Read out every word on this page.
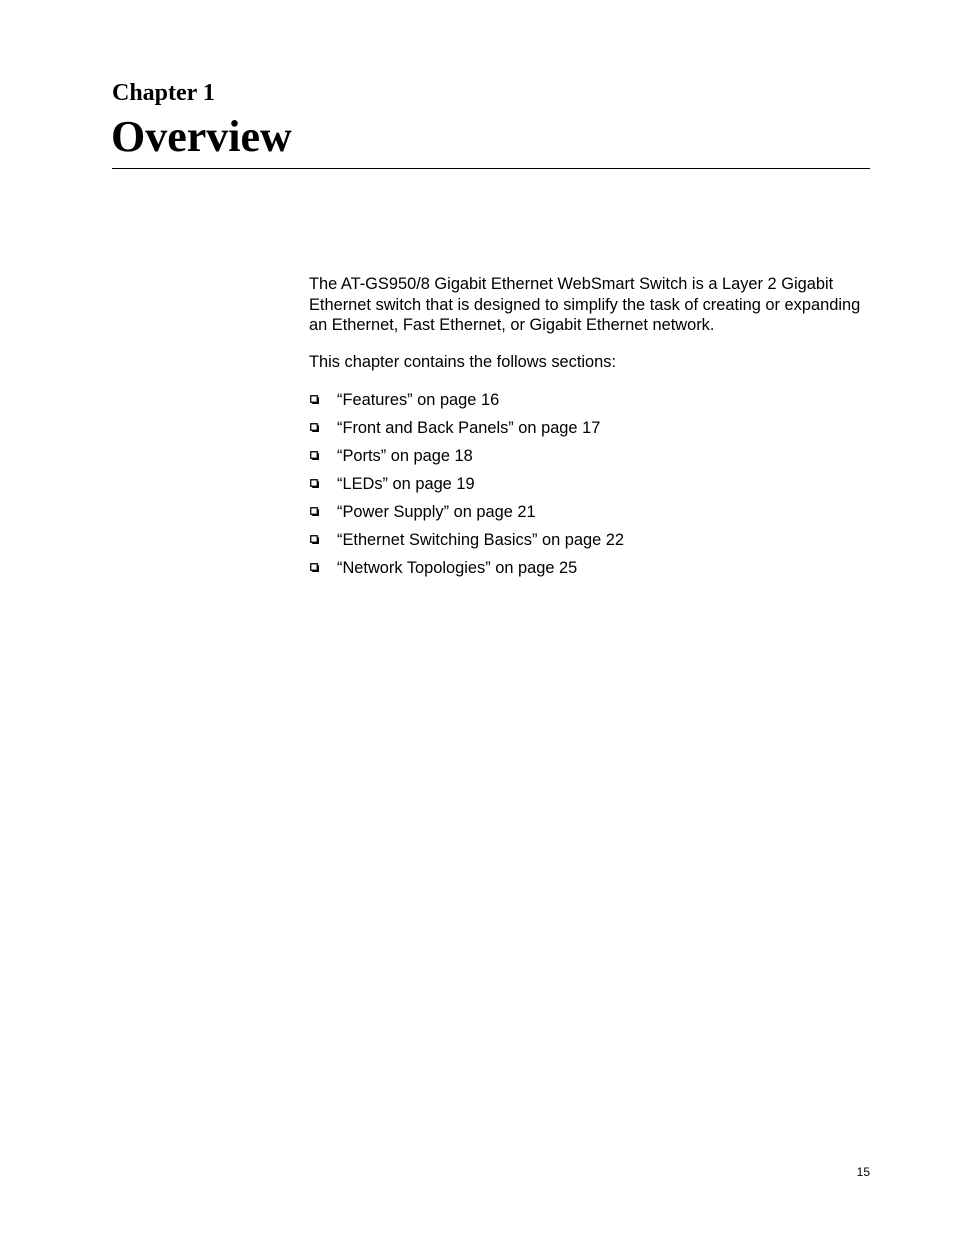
Chapter 1
Overview

The AT-GS950/8 Gigabit Ethernet WebSmart Switch is a Layer 2 Gigabit Ethernet switch that is designed to simplify the task of creating or expanding an Ethernet, Fast Ethernet, or Gigabit Ethernet network.

This chapter contains the follows sections:

“Features” on page 16
“Front and Back Panels” on page 17
“Ports” on page 18
“LEDs” on page 19
“Power Supply” on page 21
“Ethernet Switching Basics” on page 22
“Network Topologies” on page 25
15
